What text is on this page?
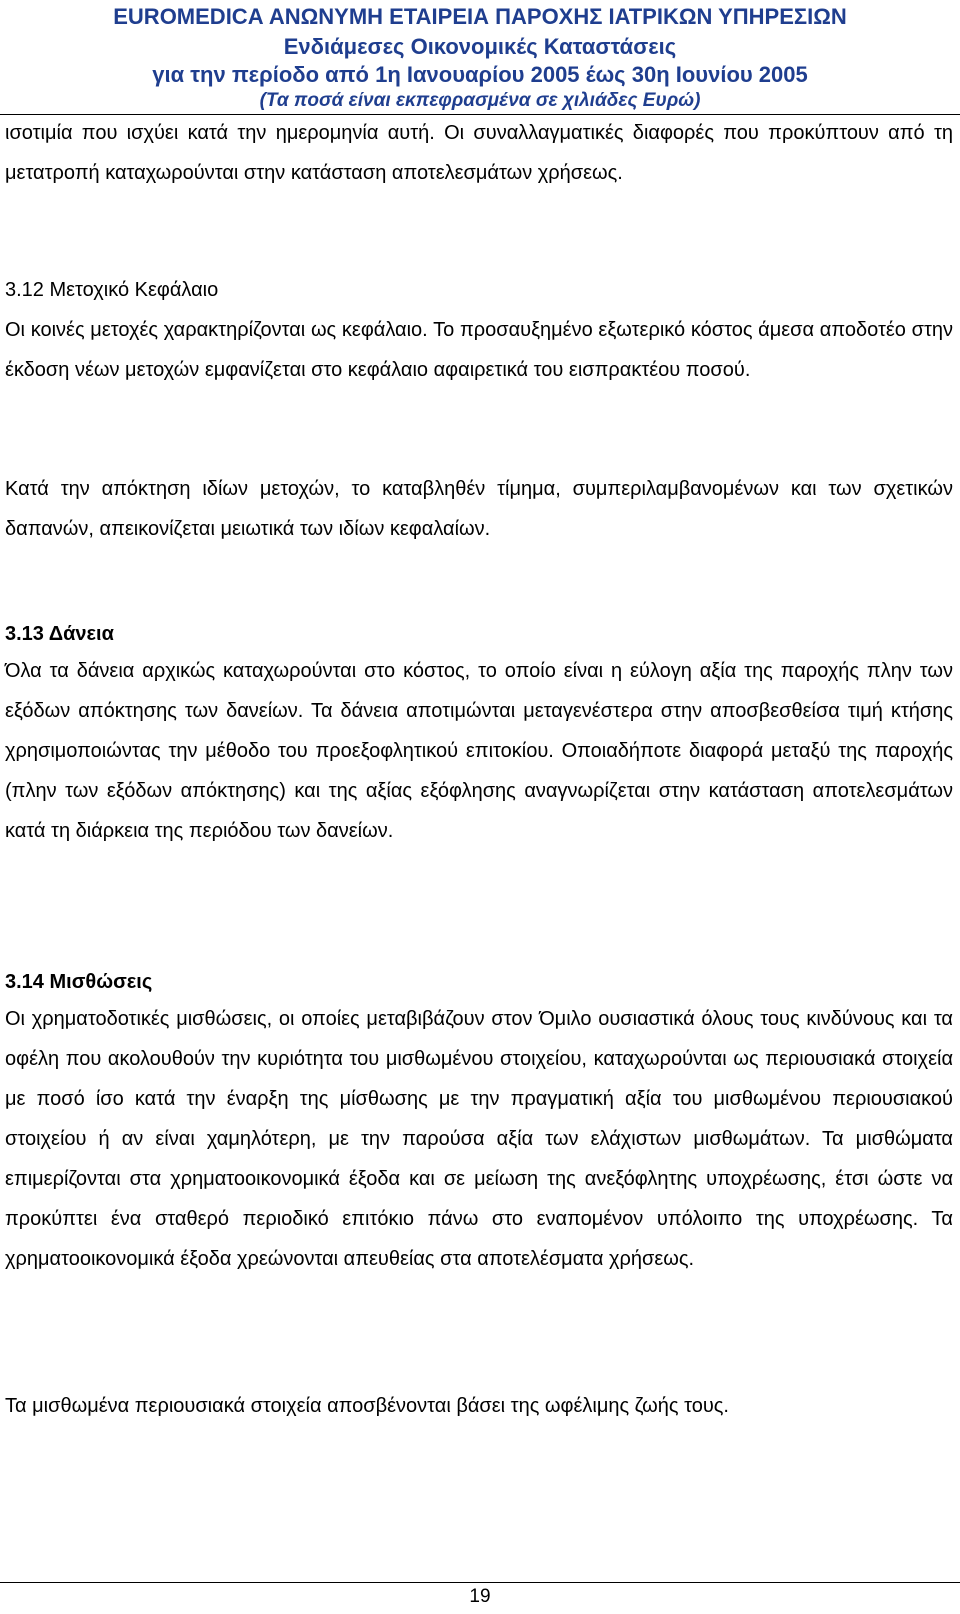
EUROMEDICA ΑΝΩΝΥΜΗ ΕΤΑΙΡΕΙΑ ΠΑΡΟΧΗΣ ΙΑΤΡΙΚΩΝ ΥΠΗΡΕΣΙΩΝ
Ενδιάμεσες Οικονομικές Καταστάσεις
για την περίοδο από 1η Ιανουαρίου 2005 έως 30η Ιουνίου 2005
(Τα ποσά είναι εκπεφρασμένα σε χιλιάδες Ευρώ)

ισοτιμία που ισχύει κατά την ημερομηνία αυτή. Οι συναλλαγματικές διαφορές που προκύπτουν από τη μετατροπή καταχωρούνται στην κατάσταση αποτελεσμάτων χρήσεως.

3.12 Μετοχικό Κεφάλαιο

Οι κοινές μετοχές χαρακτηρίζονται ως κεφάλαιο. Το προσαυξημένο εξωτερικό κόστος άμεσα αποδοτέο στην έκδοση νέων μετοχών εμφανίζεται στο κεφάλαιο αφαιρετικά του εισπρακτέου ποσού.

Κατά την απόκτηση ιδίων μετοχών, το καταβληθέν τίμημα, συμπεριλαμβανομένων και των σχετικών δαπανών, απεικονίζεται μειωτικά των ιδίων κεφαλαίων.

3.13 Δάνεια

Όλα τα δάνεια αρχικώς καταχωρούνται στο κόστος, το οποίο είναι η εύλογη αξία της παροχής πλην των εξόδων απόκτησης των δανείων. Τα δάνεια αποτιμώνται μεταγενέστερα στην αποσβεσθείσα τιμή κτήσης χρησιμοποιώντας την μέθοδο του προεξοφλητικού επιτοκίου. Οποιαδήποτε διαφορά μεταξύ της παροχής (πλην των εξόδων απόκτησης) και της αξίας εξόφλησης αναγνωρίζεται στην κατάσταση αποτελεσμάτων κατά τη διάρκεια της περιόδου των δανείων.

3.14 Μισθώσεις

Οι χρηματοδοτικές μισθώσεις, οι οποίες μεταβιβάζουν στον Όμιλο ουσιαστικά όλους τους κινδύνους και τα οφέλη που ακολουθούν την κυριότητα του μισθωμένου στοιχείου, καταχωρούνται ως περιουσιακά στοιχεία με ποσό ίσο κατά την έναρξη της μίσθωσης με την πραγματική αξία του μισθωμένου περιουσιακού στοιχείου ή αν είναι χαμηλότερη, με την παρούσα αξία των ελάχιστων μισθωμάτων. Τα μισθώματα επιμερίζονται στα χρηματοοικονομικά έξοδα και σε μείωση της ανεξόφλητης υποχρέωσης, έτσι ώστε να προκύπτει ένα σταθερό περιοδικό επιτόκιο πάνω στο εναπομένον υπόλοιπο της υποχρέωσης. Τα χρηματοοικονομικά έξοδα χρεώνονται απευθείας στα αποτελέσματα χρήσεως.

Τα μισθωμένα περιουσιακά στοιχεία αποσβένονται βάσει της ωφέλιμης ζωής τους.

19
